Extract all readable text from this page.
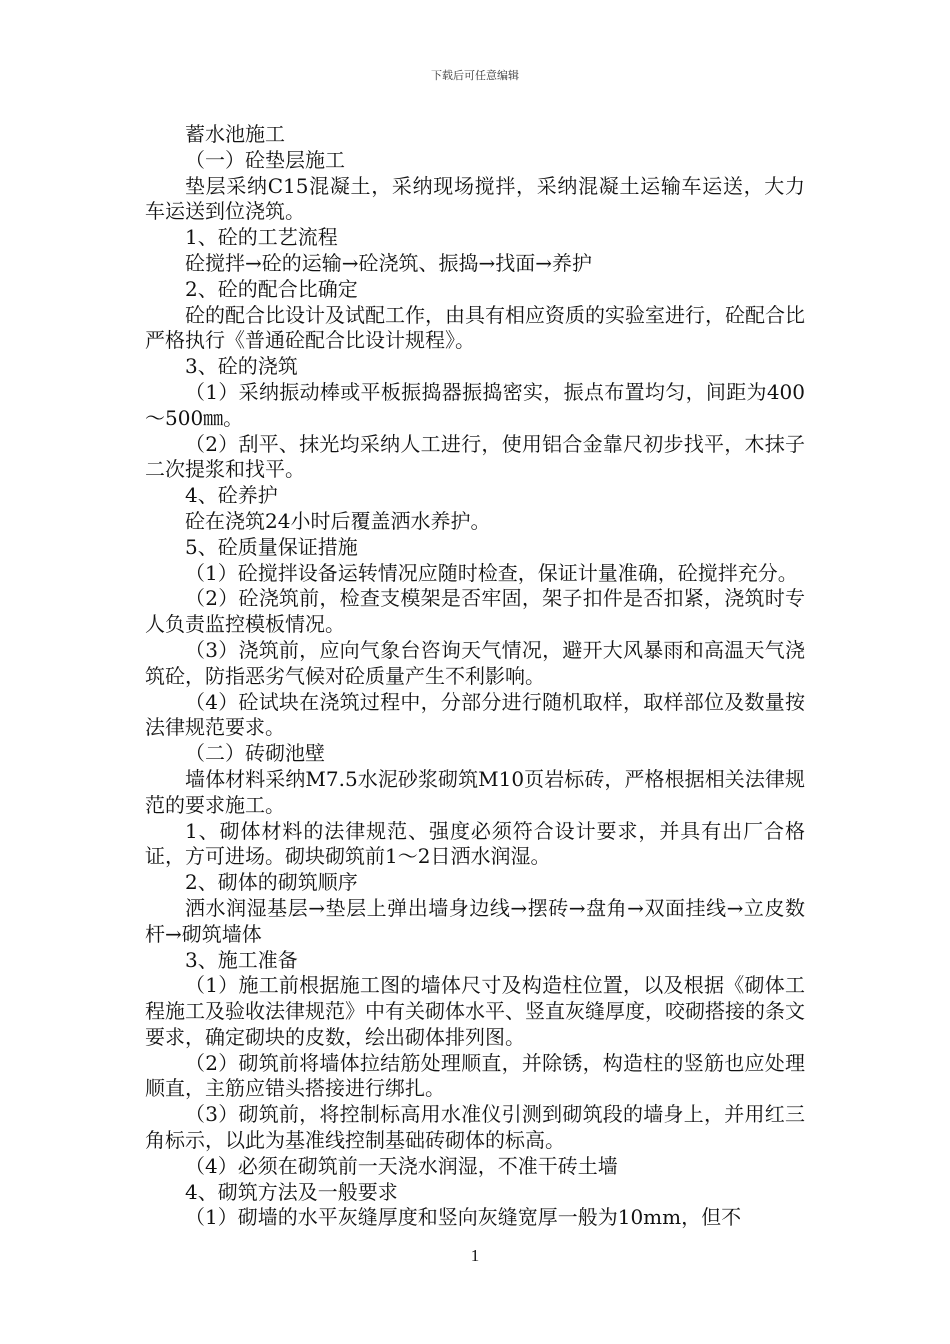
下载后可任意编辑

蓄水池施工

（一）砼垫层施工

垫层采纳C15混凝土，采纳现场搅拌，采纳混凝土运输车运送，大力车运送到位浇筑。

1、砼的工艺流程

砼搅拌→砼的运输→砼浇筑、振捣→找面→养护

2、砼的配合比确定

砼的配合比设计及试配工作，由具有相应资质的实验室进行，砼配合比严格执行《普通砼配合比设计规程》。

3、砼的浇筑

（1）采纳振动棒或平板振捣器振捣密实，振点布置均匀，间距为400～500㎜。

（2）刮平、抹光均采纳人工进行，使用铝合金靠尺初步找平，木抹子二次提浆和找平。

4、砼养护

砼在浇筑24小时后覆盖洒水养护。

5、砼质量保证措施

（1）砼搅拌设备运转情况应随时检查，保证计量准确，砼搅拌充分。

（2）砼浇筑前，检查支模架是否牢固，架子扣件是否扣紧，浇筑时专人负责监控模板情况。

（3）浇筑前，应向气象台咨询天气情况，避开大风暴雨和高温天气浇筑砼，防指恶劣气候对砼质量产生不利影响。

（4）砼试块在浇筑过程中，分部分进行随机取样，取样部位及数量按法律规范要求。

（二）砖砌池壁

墙体材料采纳M7.5水泥砂浆砌筑M10页岩标砖，严格根据相关法律规范的要求施工。

1、砌体材料的法律规范、强度必须符合设计要求，并具有出厂合格证，方可进场。砌块砌筑前1～2日洒水润湿。

2、砌体的砌筑顺序

洒水润湿基层→垫层上弹出墙身边线→摆砖→盘角→双面挂线→立皮数杆→砌筑墙体

3、施工准备

（1）施工前根据施工图的墙体尺寸及构造柱位置，以及根据《砌体工程施工及验收法律规范》中有关砌体水平、竖直灰缝厚度，咬砌搭接的条文要求，确定砌块的皮数，绘出砌体排列图。

（2）砌筑前将墙体拉结筋处理顺直，并除锈，构造柱的竖筋也应处理顺直，主筋应错头搭接进行绑扎。

（3）砌筑前，将控制标高用水准仪引测到砌筑段的墙身上，并用红三角标示，以此为基准线控制基础砖砌体的标高。

（4）必须在砌筑前一天浇水润湿，不准干砖土墙

4、砌筑方法及一般要求

（1）砌墙的水平灰缝厚度和竖向灰缝宽厚一般为10mm，但不

1
